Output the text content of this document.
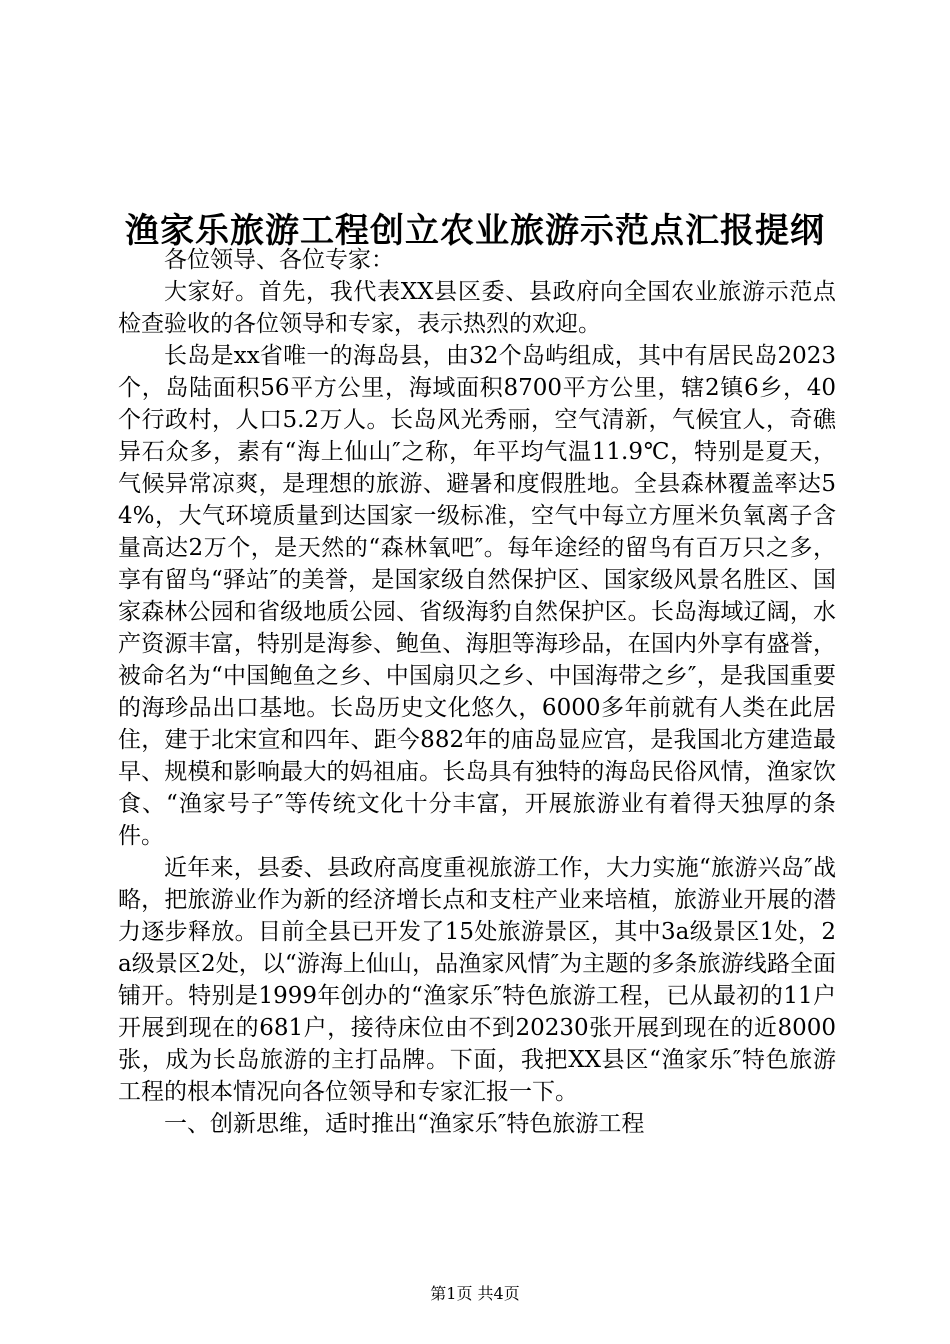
渔家乐旅游工程创立农业旅游示范点汇报提纲

各位领导、各位专家：

大家好。首先，我代表XX县区委、县政府向全国农业旅游示范点检查验收的各位领导和专家，表示热烈的欢迎。

长岛是xx省唯一的海岛县，由32个岛屿组成，其中有居民岛2023个，岛陆面积56平方公里，海域面积8700平方公里，辖2镇6乡，40个行政村，人口5.2万人。长岛风光秀丽，空气清新，气候宜人，奇礁异石众多，素有“海上仙山″之称，年平均气温11.9℃，特别是夏天，气候异常凉爽，是理想的旅游、避暑和度假胜地。全县森林覆盖率达54%，大气环境质量到达国家一级标准，空气中每立方厘米负氧离子含量高达2万个，是天然的“森林氧吧″。每年途经的留鸟有百万只之多，享有留鸟“驿站″的美誉，是国家级自然保护区、国家级风景名胜区、国家森林公园和省级地质公园、省级海豹自然保护区。长岛海域辽阔，水产资源丰富，特别是海参、鲍鱼、海胆等海珍品，在国内外享有盛誉，被命名为“中国鲍鱼之乡、中国扇贝之乡、中国海带之乡″，是我国重要的海珍品出口基地。长岛历史文化悠久，6000多年前就有人类在此居住，建于北宋宣和四年、距今882年的庙岛显应宫，是我国北方建造最早、规模和影响最大的妈祖庙。长岛具有独特的海岛民俗风情，渔家饮食、“渔家号子″等传统文化十分丰富，开展旅游业有着得天独厚的条件。

近年来，县委、县政府高度重视旅游工作，大力实施“旅游兴岛″战略，把旅游业作为新的经济增长点和支柱产业来培植，旅游业开展的潜力逐步释放。目前全县已开发了15处旅游景区，其中3a级景区1处，2a级景区2处，以“游海上仙山，品渔家风情″为主题的多条旅游线路全面铺开。特别是1999年创办的“渔家乐″特色旅游工程，已从最初的11户开展到现在的681户，接待床位由不到20230张开展到现在的近8000张，成为长岛旅游的主打品牌。下面，我把XX县区“渔家乐″特色旅游工程的根本情况向各位领导和专家汇报一下。

一、创新思维，适时推出“渔家乐″特色旅游工程

第1页 共4页
